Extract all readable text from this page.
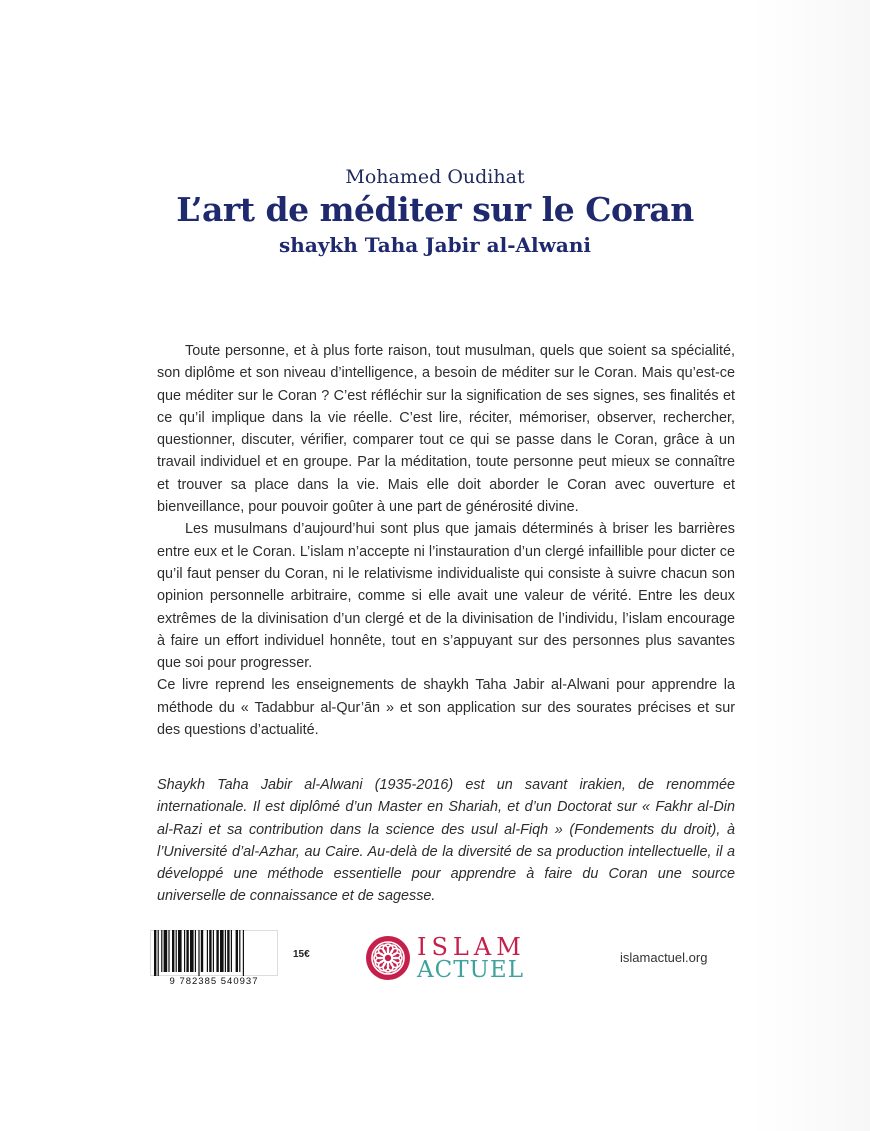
Mohamed Oudihat
L’art de méditer sur le Coran
shaykh Taha Jabir al-Alwani

Toute personne, et à plus forte raison, tout musulman, quels que soient sa spécialité, son diplôme et son niveau d’intelligence, a besoin de méditer sur le Coran. Mais qu’est-ce que méditer sur le Coran ? C’est réfléchir sur la signification de ses signes, ses finalités et ce qu’il implique dans la vie réelle. C’est lire, réciter, mémoriser, observer, rechercher, questionner, discuter, vérifier, comparer tout ce qui se passe dans le Coran, grâce à un travail individuel et en groupe. Par la méditation, toute personne peut mieux se connaître et trouver sa place dans la vie. Mais elle doit aborder le Coran avec ouverture et bienveillance, pour pouvoir goûter à une part de générosité divine.

Les musulmans d’aujourd’hui sont plus que jamais déterminés à briser les barrières entre eux et le Coran. L’islam n’accepte ni l’instauration d’un clergé infaillible pour dicter ce qu’il faut penser du Coran, ni le relativisme individualiste qui consiste à suivre chacun son opinion personnelle arbitraire, comme si elle avait une valeur de vérité. Entre les deux extrêmes de la divinisation d’un clergé et de la divinisation de l’individu, l’islam encourage à faire un effort individuel honnête, tout en s’appuyant sur des personnes plus savantes que soi pour progresser.

Ce livre reprend les enseignements de shaykh Taha Jabir al-Alwani pour apprendre la méthode du « Tadabbur al-Qur’ān » et son application sur des sourates précises et sur des questions d’actualité.

Shaykh Taha Jabir al-Alwani (1935-2016) est un savant irakien, de renommée internationale. Il est diplômé d’un Master en Shariah, et d’un Doctorat sur « Fakhr al-Din al-Razi et sa contribution dans la science des usul al-Fiqh » (Fondements du droit), à l’Université d’al-Azhar, au Caire. Au-delà de la diversité de sa production intellectuelle, il a développé une méthode essentielle pour apprendre à faire du Coran une source universelle de connaissance et de sagesse.

9 782385 540937
15€	ISLAM
ACTUEL	islamactuel.org
